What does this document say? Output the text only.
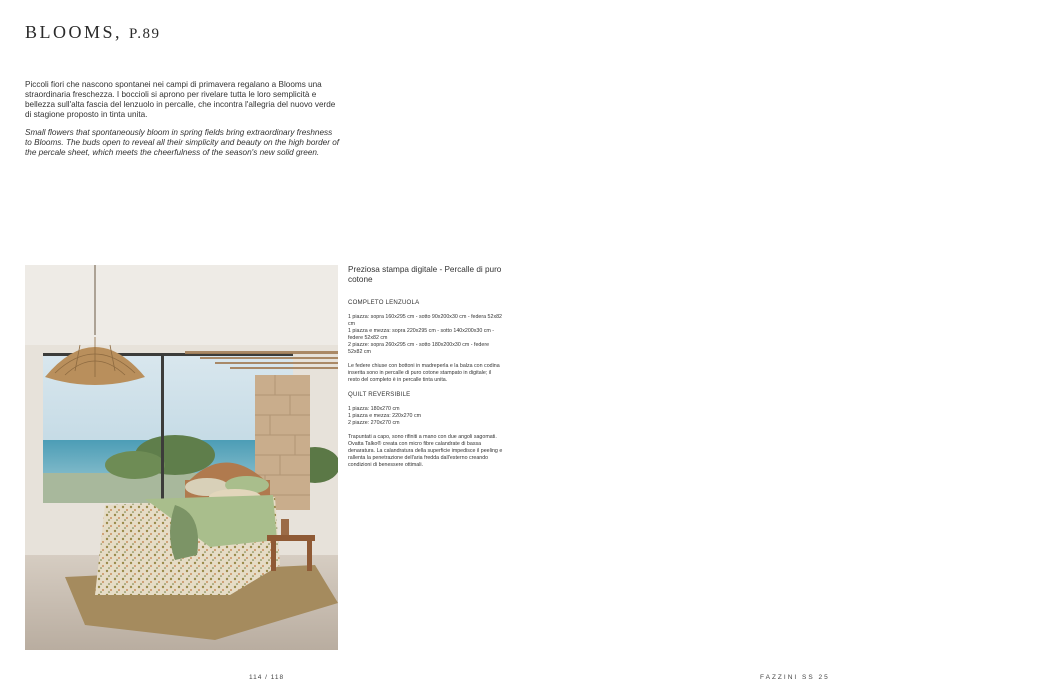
BLOOMS, P.89

Piccoli fiori che nascono spontanei nei campi di primavera regalano a Blooms una straordinaria freschezza. I boccioli si aprono per rivelare tutta le loro semplicità e bellezza sull'alta fascia del lenzuolo in percalle, che incontra l'allegria del nuovo verde di stagione proposto in tinta unita.

Small flowers that spontaneously bloom in spring fields bring extraordinary freshness to Blooms. The buds open to reveal all their simplicity and beauty on the high border of the percale sheet, which meets the cheerfulness of the season's new solid green.

Preziosa stampa digitale - Percalle di puro cotone

COMPLETO LENZUOLA

1 piazza: sopra 160x295 cm - sotto 90x200x30 cm - federa 52x82 cm
1 piazza e mezza: sopra 220x295 cm - sotto 140x200x30 cm - federe 52x82 cm
2 piazze: sopra 260x295 cm - sotto 180x200x30 cm - federe 52x82 cm

Le federe chiuse con bottoni in madreperla e la balza con codina inserita sono in percalle di puro cotone stampato in digitale; il resto del completo è in percalle tinta unita.

QUILT REVERSIBILE

1 piazza: 180x270 cm
1 piazza e mezza: 220x270 cm
2 piazze: 270x270 cm

Trapuntati a capo, sono rifiniti a mano con due angoli sagomati. Ovatta Talko® creata con micro fibre calandrate di bassa denaratura. La calandratura della superficie impedisce il peeling e rallenta la penetrazione dell'aria fredda dall'esterno creando condizioni di benessere ottimali.

114 / 118	FAZZINI SS 25
